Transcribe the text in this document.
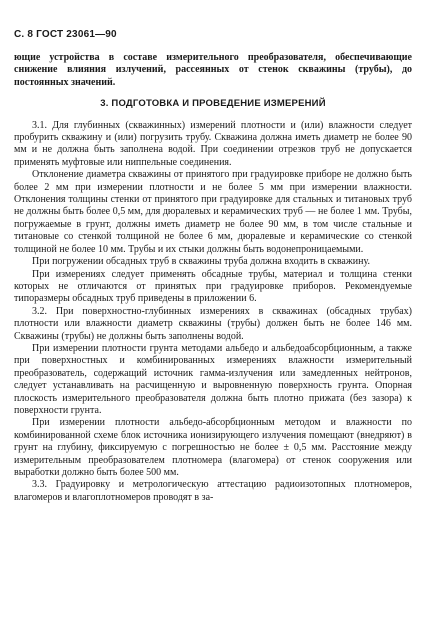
С. 8 ГОСТ 23061—90

ющие устройства в составе измерительного преобразователя, обеспечивающие снижение влияния излучений, рассеянных от стенок скважины (трубы), до постоянных значений.

3. ПОДГОТОВКА И ПРОВЕДЕНИЕ ИЗМЕРЕНИЙ

3.1. Для глубинных (скважинных) измерений плотности и (или) влажности следует пробурить скважину и (или) погрузить трубу. Скважина должна иметь диаметр не более 90 мм и не должна быть заполнена водой. При соединении отрезков труб не допускается применять муфтовые или ниппельные соединения.

Отклонение диаметра скважины от принятого при градуировке приборе не должно быть более 2 мм при измерении плотности и не более 5 мм при измерении влажности. Отклонения толщины стенки от принятого при градуировке для стальных и титановых труб не должны быть более 0,5 мм, для дюралевых и керамических труб — не более 1 мм. Трубы, погружаемые в грунт, должны иметь диаметр не более 90 мм, в том числе стальные и титановые со стенкой толщиной не более 6 мм, дюралевые и керамические со стенкой толщиной не более 10 мм. Трубы и их стыки должны быть водонепроницаемыми.

При погружении обсадных труб в скважины труба должна входить в скважину.

При измерениях следует применять обсадные трубы, материал и толщина стенки которых не отличаются от принятых при градуировке приборов. Рекомендуемые типоразмеры обсадных труб приведены в приложении 6.

3.2. При поверхностно-глубинных измерениях в скважинах (обсадных трубах) плотности или влажности диаметр скважины (трубы) должен быть не более 146 мм. Скважины (трубы) не должны быть заполнены водой.

При измерении плотности грунта методами альбедо и альбедоабсорбционным, а также при поверхностных и комбинированных измерениях влажности измерительный преобразователь, содержащий источник гамма-излучения или замедленных нейтронов, следует устанавливать на расчищенную и выровненную поверхность грунта. Опорная плоскость измерительного преобразователя должна быть плотно прижата (без зазора) к поверхности грунта.

При измерении плотности альбедо-абсорбционным методом и влажности по комбинированной схеме блок источника ионизирующего излучения помещают (внедряют) в грунт на глубину, фиксируемую с погрешностью не более ± 0,5 мм. Расстояние между измерительным преобразователем плотномера (влагомера) от стенок сооружения или выработки должно быть более 500 мм.

3.3. Градуировку и метрологическую аттестацию радиоизотопных плотномеров, влагомеров и влагоплотномеров проводят в за-
